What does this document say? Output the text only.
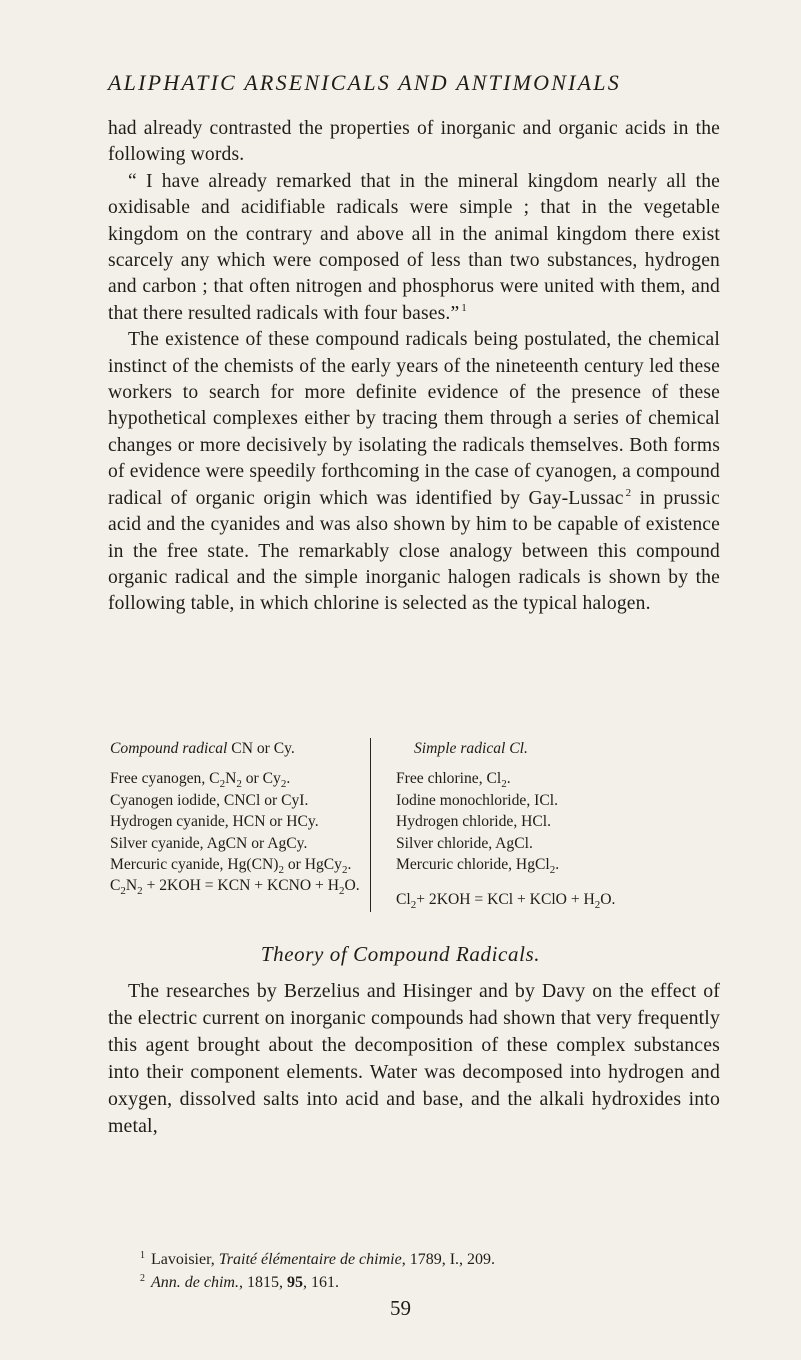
ALIPHATIC ARSENICALS AND ANTIMONIALS

had already contrasted the properties of inorganic and organic acids in the following words.

“ I have already remarked that in the mineral kingdom nearly all the oxidisable and acidifiable radicals were simple ; that in the vegetable kingdom on the contrary and above all in the animal kingdom there exist scarcely any which were composed of less than two substances, hydrogen and carbon ; that often nitrogen and phosphorus were united with them, and that there resulted radicals with four bases.” $^1$

The existence of these compound radicals being postulated, the chemical instinct of the chemists of the early years of the nineteenth century led these workers to search for more definite evidence of the presence of these hypothetical complexes either by tracing them through a series of chemical changes or more decisively by isolating the radicals themselves. Both forms of evidence were speedily forthcoming in the case of cyanogen, a compound radical of organic origin which was identified by Gay-Lussac $^2$ in prussic acid and the cyanides and was also shown by him to be capable of existence in the free state. The remarkably close analogy between this compound organic radical and the simple inorganic halogen radicals is shown by the following table, in which chlorine is selected as the typical halogen.

Compound radical CN or Cy.
Free cyanogen, $C_2N_2$ or $Cy_2$.
Cyanogen iodide, CNCl or CyI.
Hydrogen cyanide, HCN or HCy.
Silver cyanide, AgCN or AgCy.
Mercuric cyanide, $Hg(CN)_2$ or HgCy$_2$.
$C_2N_2 + 2KOH$ = KCN + KCNO + $H_2O$.
Simple radical Cl.
Free chlorine, $Cl_2$.
Iodine monochloride, ICl.
Hydrogen chloride, HCl.
Silver chloride, AgCl.
Mercuric chloride, HgCl$_2$.
$Cl_2+ 2KOH$ = KCl + KClO + $H_2O$.
Theory of Compound Radicals.

The researches by Berzelius and Hisinger and by Davy on the effect of the electric current on inorganic compounds had shown that very frequently this agent brought about the decomposition of these complex substances into their component elements. Water was decomposed into hydrogen and oxygen, dissolved salts into acid and base, and the alkali hydroxides into metal,

$^1$ Lavoisier, Traité élémentaire de chimie, 1789, I., 209.
$^2$ Ann. de chim., 1815, 95, 161.
59
